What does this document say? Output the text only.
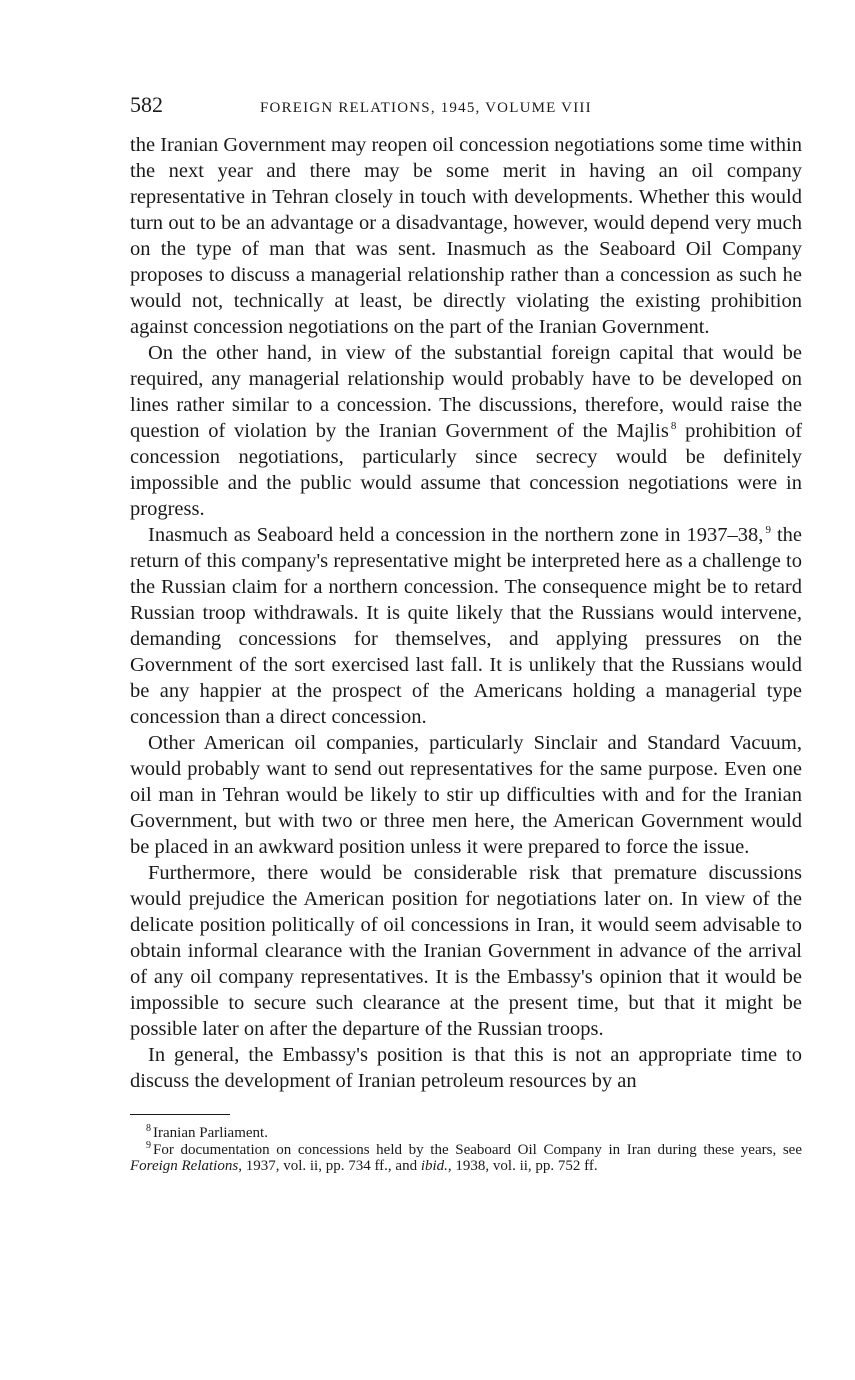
582	FOREIGN RELATIONS, 1945, VOLUME VIII

the Iranian Government may reopen oil concession negotiations some time within the next year and there may be some merit in having an oil company representative in Tehran closely in touch with developments. Whether this would turn out to be an advantage or a disadvantage, however, would depend very much on the type of man that was sent. Inasmuch as the Seaboard Oil Company proposes to discuss a managerial relationship rather than a concession as such he would not, technically at least, be directly violating the existing prohibition against concession negotiations on the part of the Iranian Government.

On the other hand, in view of the substantial foreign capital that would be required, any managerial relationship would probably have to be developed on lines rather similar to a concession. The discussions, therefore, would raise the question of violation by the Iranian Government of the Majlis $^8$ prohibition of concession negotiations, particularly since secrecy would be definitely impossible and the public would assume that concession negotiations were in progress.

Inasmuch as Seaboard held a concession in the northern zone in 1937–38, $^9$ the return of this company's representative might be interpreted here as a challenge to the Russian claim for a northern concession. The consequence might be to retard Russian troop withdrawals. It is quite likely that the Russians would intervene, demanding concessions for themselves, and applying pressures on the Government of the sort exercised last fall. It is unlikely that the Russians would be any happier at the prospect of the Americans holding a managerial type concession than a direct concession.

Other American oil companies, particularly Sinclair and Standard Vacuum, would probably want to send out representatives for the same purpose. Even one oil man in Tehran would be likely to stir up difficulties with and for the Iranian Government, but with two or three men here, the American Government would be placed in an awkward position unless it were prepared to force the issue.

Furthermore, there would be considerable risk that premature discussions would prejudice the American position for negotiations later on. In view of the delicate position politically of oil concessions in Iran, it would seem advisable to obtain informal clearance with the Iranian Government in advance of the arrival of any oil company representatives. It is the Embassy's opinion that it would be impossible to secure such clearance at the present time, but that it might be possible later on after the departure of the Russian troops.

In general, the Embassy's position is that this is not an appropriate time to discuss the development of Iranian petroleum resources by an

$^8$ Iranian Parliament.

$^9$ For documentation on concessions held by the Seaboard Oil Company in Iran during these years, see Foreign Relations, 1937, vol. ii, pp. 734 ff., and ibid., 1938, vol. ii, pp. 752 ff.
